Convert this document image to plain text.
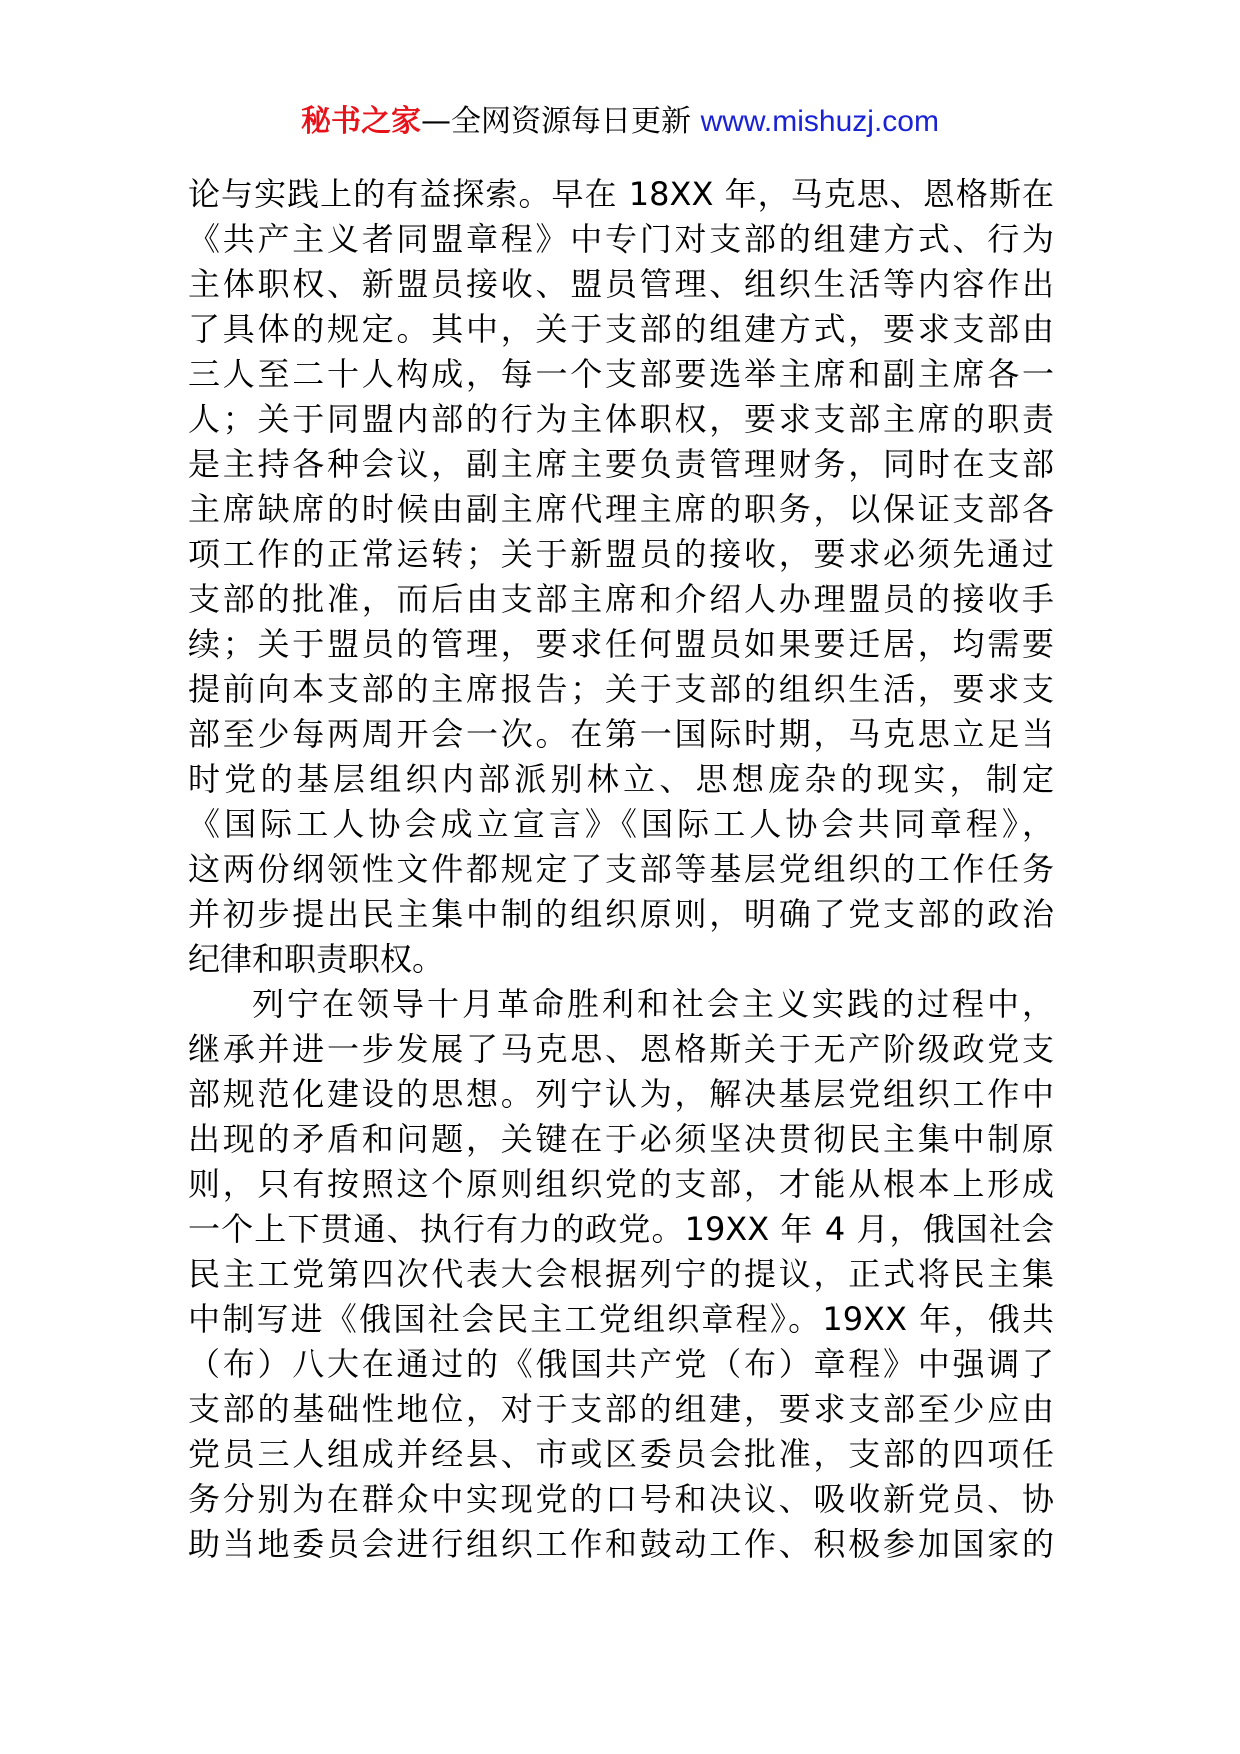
秘书之家—全网资源每日更新 www.mishuzj.com
论与实践上的有益探索。早在 18XX 年，马克思、恩格斯在
《共产主义者同盟章程》中专门对支部的组建方式、行为
主体职权、新盟员接收、盟员管理、组织生活等内容作出
了具体的规定。其中，关于支部的组建方式，要求支部由
三人至二十人构成，每一个支部要选举主席和副主席各一
人；关于同盟内部的行为主体职权，要求支部主席的职责
是主持各种会议，副主席主要负责管理财务，同时在支部
主席缺席的时候由副主席代理主席的职务，以保证支部各
项工作的正常运转；关于新盟员的接收，要求必须先通过
支部的批准，而后由支部主席和介绍人办理盟员的接收手
续；关于盟员的管理，要求任何盟员如果要迁居，均需要
提前向本支部的主席报告；关于支部的组织生活，要求支
部至少每两周开会一次。在第一国际时期，马克思立足当
时党的基层组织内部派别林立、思想庞杂的现实，制定
《国际工人协会成立宣言》《国际工人协会共同章程》，
这两份纲领性文件都规定了支部等基层党组织的工作任务
并初步提出民主集中制的组织原则，明确了党支部的政治
纪律和职责职权。
列宁在领导十月革命胜利和社会主义实践的过程中，
继承并进一步发展了马克思、恩格斯关于无产阶级政党支
部规范化建设的思想。列宁认为，解决基层党组织工作中
出现的矛盾和问题，关键在于必须坚决贯彻民主集中制原
则，只有按照这个原则组织党的支部，才能从根本上形成
一个上下贯通、执行有力的政党。19XX 年 4 月，俄国社会
民主工党第四次代表大会根据列宁的提议，正式将民主集
中制写进《俄国社会民主工党组织章程》。19XX 年，俄共
（布）八大在通过的《俄国共产党（布）章程》中强调了
支部的基础性地位，对于支部的组建，要求支部至少应由
党员三人组成并经县、市或区委员会批准，支部的四项任
务分别为在群众中实现党的口号和决议、吸收新党员、协
助当地委员会进行组织工作和鼓动工作、积极参加国家的
